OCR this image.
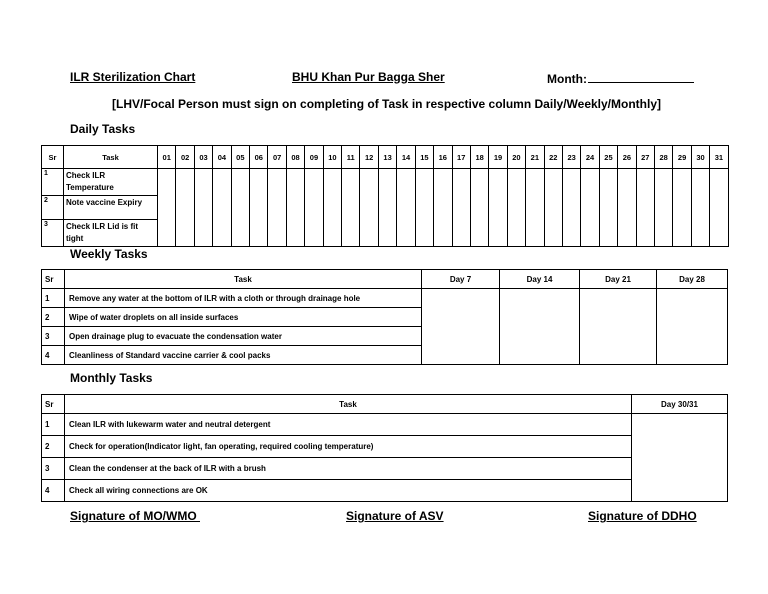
ILR Sterilization Chart	BHU Khan Pur Bagga Sher	Month:
[LHV/Focal Person must sign on completing of Task in respective column Daily/Weekly/Monthly]
Daily Tasks
Sr	Task	01	02	03	04	05	06	07	08	09	10	11	12	13	14	15	16	17	18	19	20	21	22	23	24	25	26	27	28	29	30	31
1	Check ILR Temperature																															
2	Note vaccine Expiry																															
3	Check ILR Lid is fit tight																															
Weekly Tasks
Sr	Task	Day 7	Day 14	Day 21	Day 28
1	Remove any water at the bottom of ILR with a cloth or through drainage hole				
2	Wipe of water droplets on all inside surfaces				
3	Open drainage plug to evacuate the condensation water				
4	Cleanliness of Standard vaccine carrier & cool packs				
Monthly Tasks
Sr	Task	Day 30/31
1	Clean ILR with lukewarm water and neutral detergent	
2	Check for operation(Indicator light, fan operating, required cooling temperature)	
3	Clean the condenser at the back of ILR with a brush	
4	Check all wiring connections are OK	
Signature of MO/WMO	Signature of ASV	Signature of DDHO
